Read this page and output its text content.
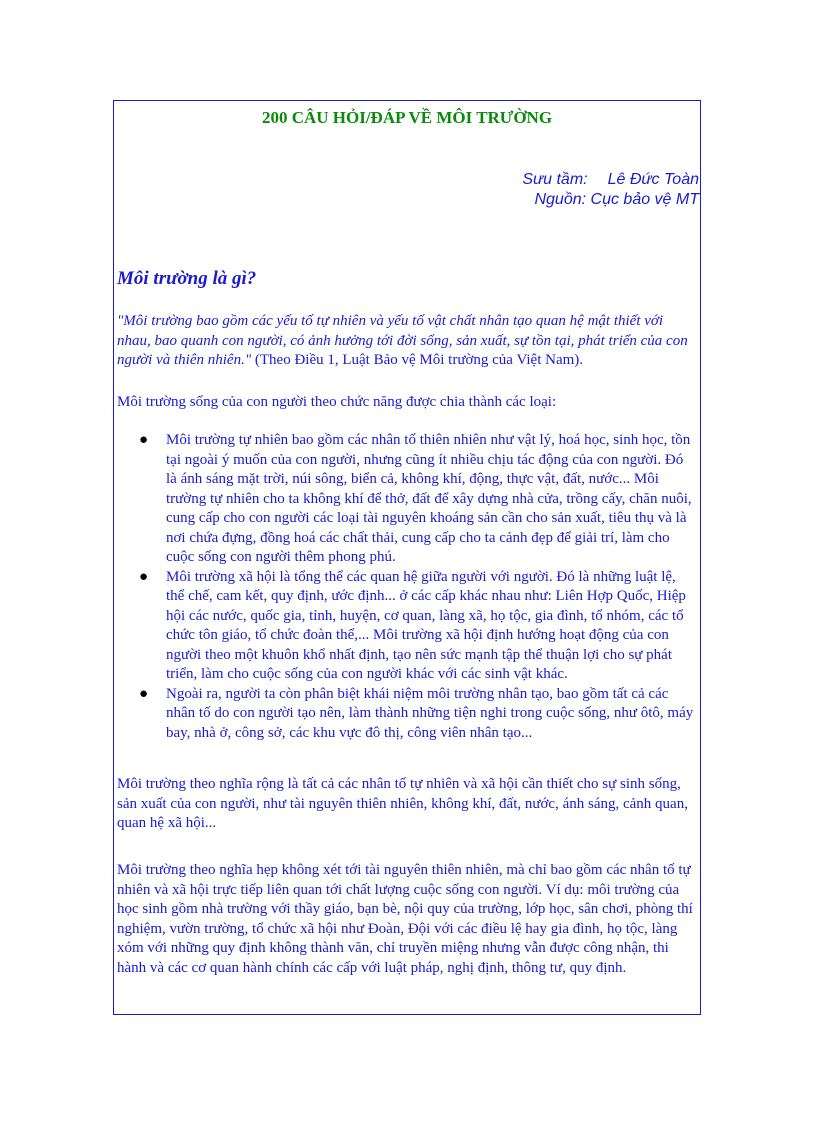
200 CÂU HỎI/ĐÁP VỀ MÔI TRƯỜNG
Sưu tầm: Lê Đức Toàn
Nguồn: Cục bảo vệ MT
Môi trường là gì?

"Môi trường bao gồm các yếu tố tự nhiên và yếu tố vật chất nhân tạo quan hệ mật thiết với nhau, bao quanh con người, có ảnh hưởng tới đời sống, sản xuất, sự tồn tại, phát triển của con người và thiên nhiên." (Theo Điều 1, Luật Bảo vệ Môi trường của Việt Nam).

Môi trường sống của con người theo chức năng được chia thành các loại:

● Môi trường tự nhiên bao gồm các nhân tố thiên nhiên như vật lý, hoá học, sinh học, tồn tại ngoài ý muốn của con người, nhưng cũng ít nhiều chịu tác động của con người. Đó là ánh sáng mặt trời, núi sông, biển cả, không khí, động, thực vật, đất, nước... Môi trường tự nhiên cho ta không khí để thở, đất để xây dựng nhà cửa, trồng cấy, chăn nuôi, cung cấp cho con người các loại tài nguyên khoáng sản cần cho sản xuất, tiêu thụ và là nơi chứa đựng, đồng hoá các chất thải, cung cấp cho ta cảnh đẹp để giải trí, làm cho cuộc sống con người thêm phong phú.
● Môi trường xã hội là tổng thể các quan hệ giữa người với người. Đó là những luật lệ, thể chế, cam kết, quy định, ước định... ở các cấp khác nhau như: Liên Hợp Quốc, Hiệp hội các nước, quốc gia, tỉnh, huyện, cơ quan, làng xã, họ tộc, gia đình, tổ nhóm, các tổ chức tôn giáo, tổ chức đoàn thể,... Môi trường xã hội định hướng hoạt động của con người theo một khuôn khổ nhất định, tạo nên sức mạnh tập thể thuận lợi cho sự phát triển, làm cho cuộc sống của con người khác với các sinh vật khác.
● Ngoài ra, người ta còn phân biệt khái niệm môi trường nhân tạo, bao gồm tất cả các nhân tố do con người tạo nên, làm thành những tiện nghi trong cuộc sống, như ôtô, máy bay, nhà ở, công sở, các khu vực đô thị, công viên nhân tạo...

Môi trường theo nghĩa rộng là tất cả các nhân tố tự nhiên và xã hội cần thiết cho sự sinh sống, sản xuất của con người, như tài nguyên thiên nhiên, không khí, đất, nước, ánh sáng, cảnh quan, quan hệ xã hội...

Môi trường theo nghĩa hẹp không xét tới tài nguyên thiên nhiên, mà chỉ bao gồm các nhân tố tự nhiên và xã hội trực tiếp liên quan tới chất lượng cuộc sống con người. Ví dụ: môi trường của học sinh gồm nhà trường với thầy giáo, bạn bè, nội quy của trường, lớp học, sân chơi, phòng thí nghiệm, vườn trường, tổ chức xã hội như Đoàn, Đội với các điều lệ hay gia đình, họ tộc, làng xóm với những quy định không thành văn, chỉ truyền miệng nhưng vẫn được công nhận, thi hành và các cơ quan hành chính các cấp với luật pháp, nghị định, thông tư, quy định.
